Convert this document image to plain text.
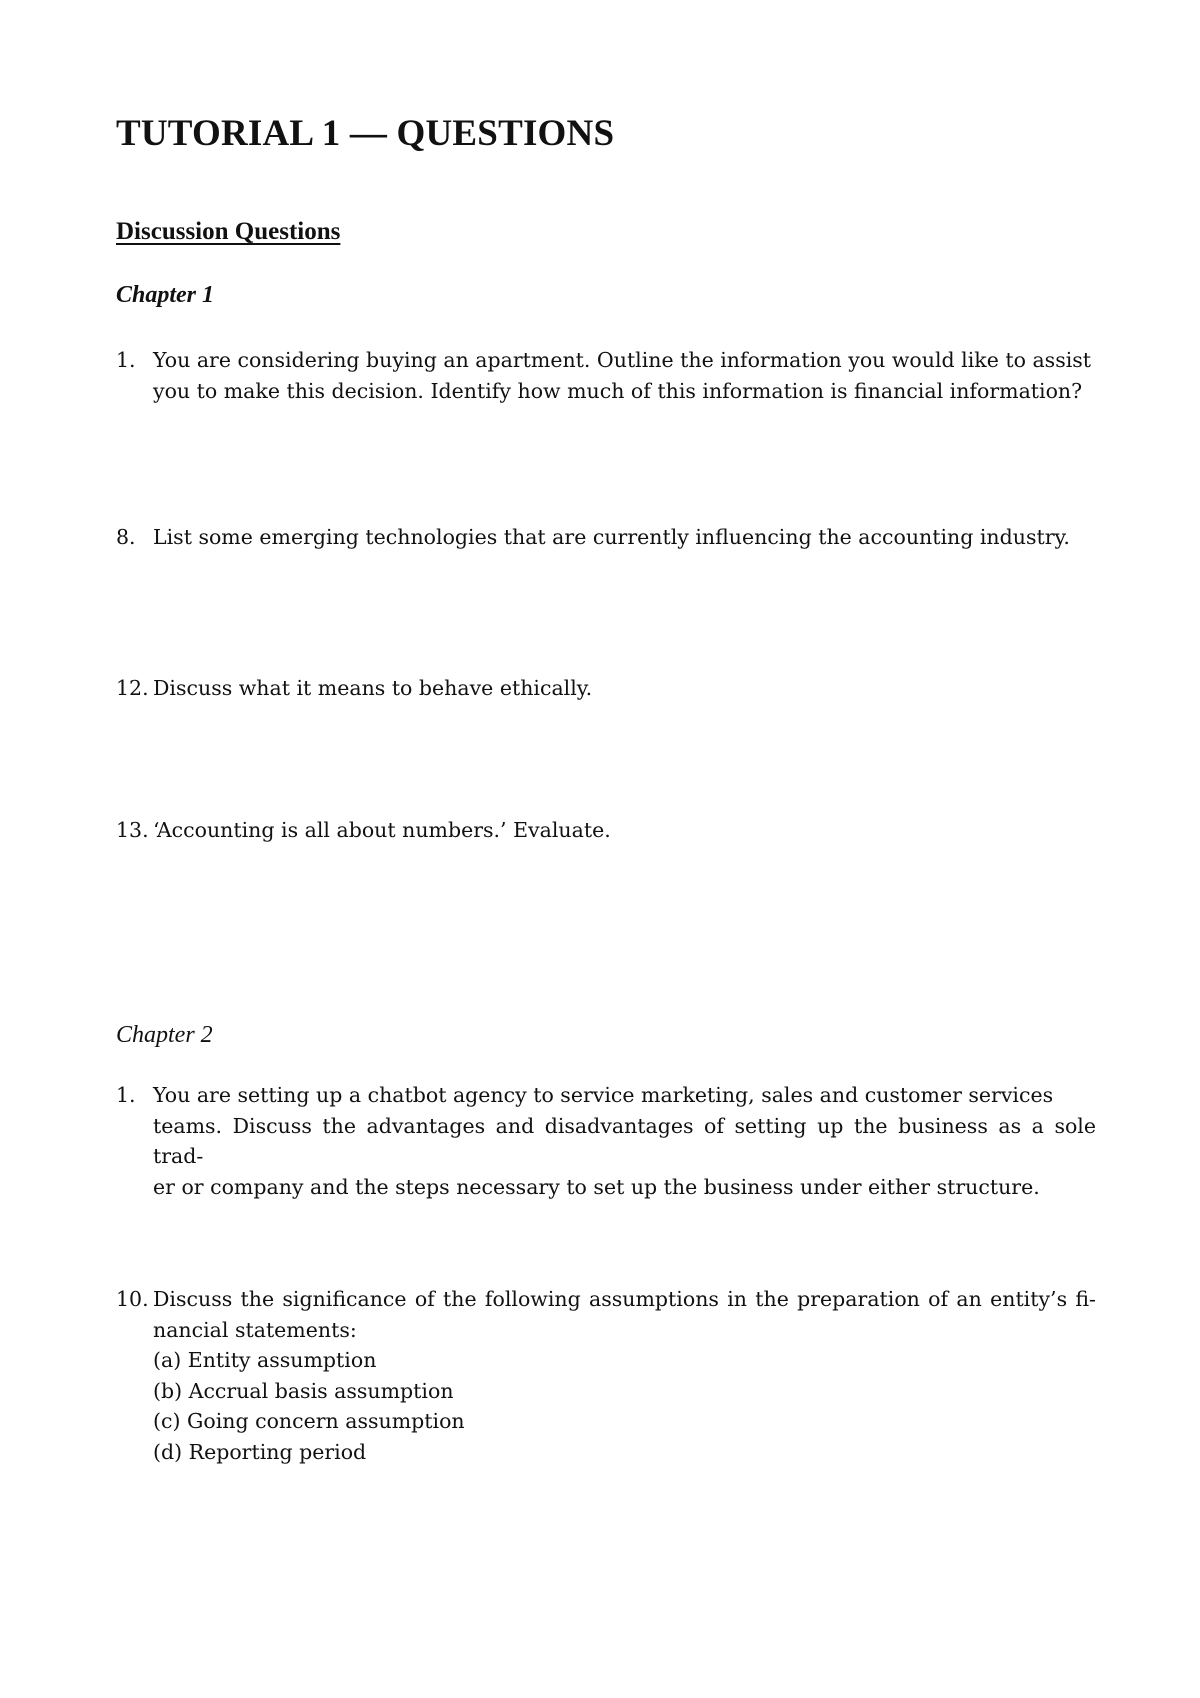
TUTORIAL 1 — QUESTIONS
Discussion Questions
Chapter 1
1. You are considering buying an apartment. Outline the information you would like to assist
you to make this decision. Identify how much of this information is financial information?
8. List some emerging technologies that are currently influencing the accounting industry.
12. Discuss what it means to behave ethically.
13. ‘Accounting is all about numbers.’ Evaluate.
Chapter 2
1. You are setting up a chatbot agency to service marketing, sales and customer services
teams. Discuss the advantages and disadvantages of setting up the business as a sole trad-
er or company and the steps necessary to set up the business under either structure.
10. Discuss the significance of the following assumptions in the preparation of an entity’s fi-
nancial statements:
(a) Entity assumption
(b) Accrual basis assumption
(c) Going concern assumption
(d) Reporting period
